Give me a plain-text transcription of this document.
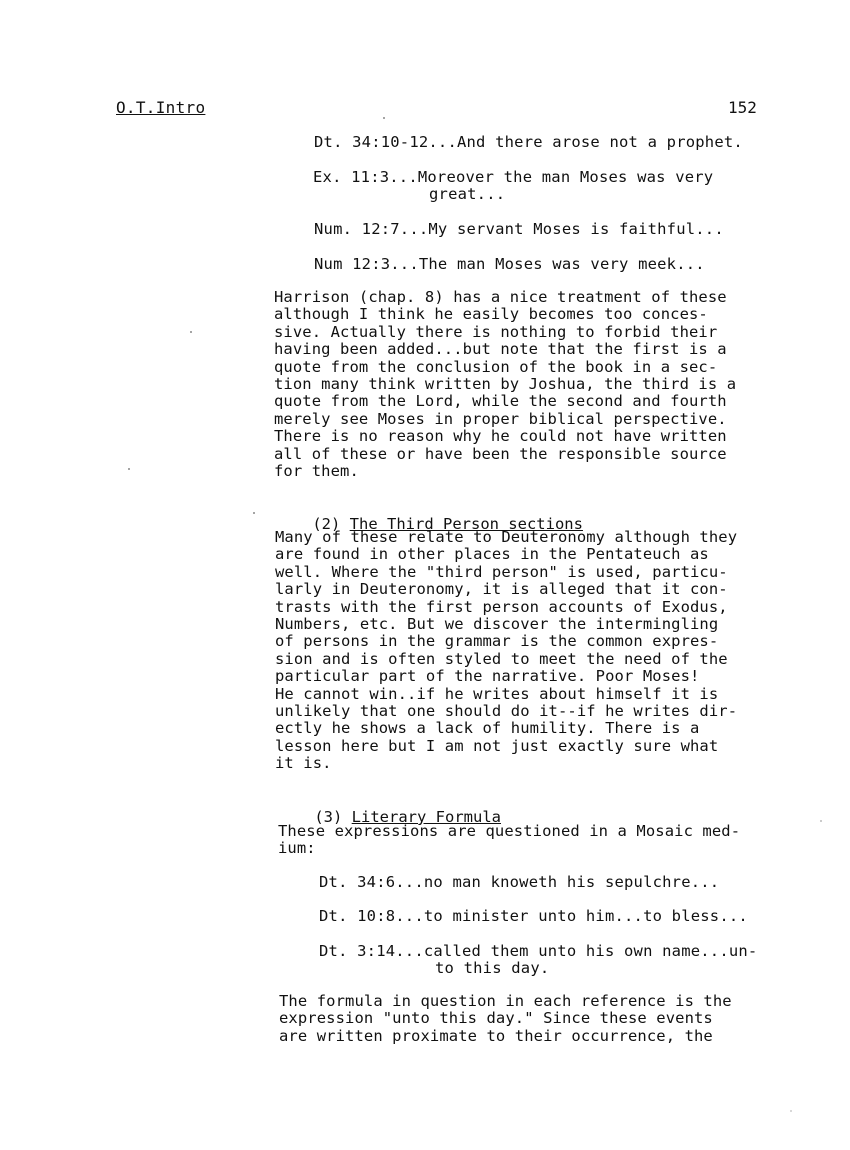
O.T.Intro	152
Dt. 34:10-12...And there arose not a prophet.
Ex. 11:3...Moreover the man Moses was very
great...
Num. 12:7...My servant Moses is faithful...
Num 12:3...The man Moses was very meek...
Harrison (chap. 8) has a nice treatment of these
although I think he easily becomes too conces-
sive. Actually there is nothing to forbid their
having been added...but note that the first is a
quote from the conclusion of the book in a sec-
tion many think written by Joshua, the third is a
quote from the Lord, while the second and fourth
merely see Moses in proper biblical perspective.
There is no reason why he could not have written
all of these or have been the responsible source
for them.

(2) The Third Person sections

Many of these relate to Deuteronomy although they
are found in other places in the Pentateuch as
well. Where the "third person" is used, particu-
larly in Deuteronomy, it is alleged that it con-
trasts with the first person accounts of Exodus,
Numbers, etc. But we discover the intermingling
of persons in the grammar is the common expres-
sion and is often styled to meet the need of the
particular part of the narrative. Poor Moses!
He cannot win..if he writes about himself it is
unlikely that one should do it--if he writes dir-
ectly he shows a lack of humility. There is a
lesson here but I am not just exactly sure what
it is.

(3) Literary Formula

These expressions are questioned in a Mosaic med-
ium:
Dt. 34:6...no man knoweth his sepulchre...
Dt. 10:8...to minister unto him...to bless...
Dt. 3:14...called them unto his own name...un-
to this day.
The formula in question in each reference is the
expression "unto this day." Since these events
are written proximate to their occurrence, the
